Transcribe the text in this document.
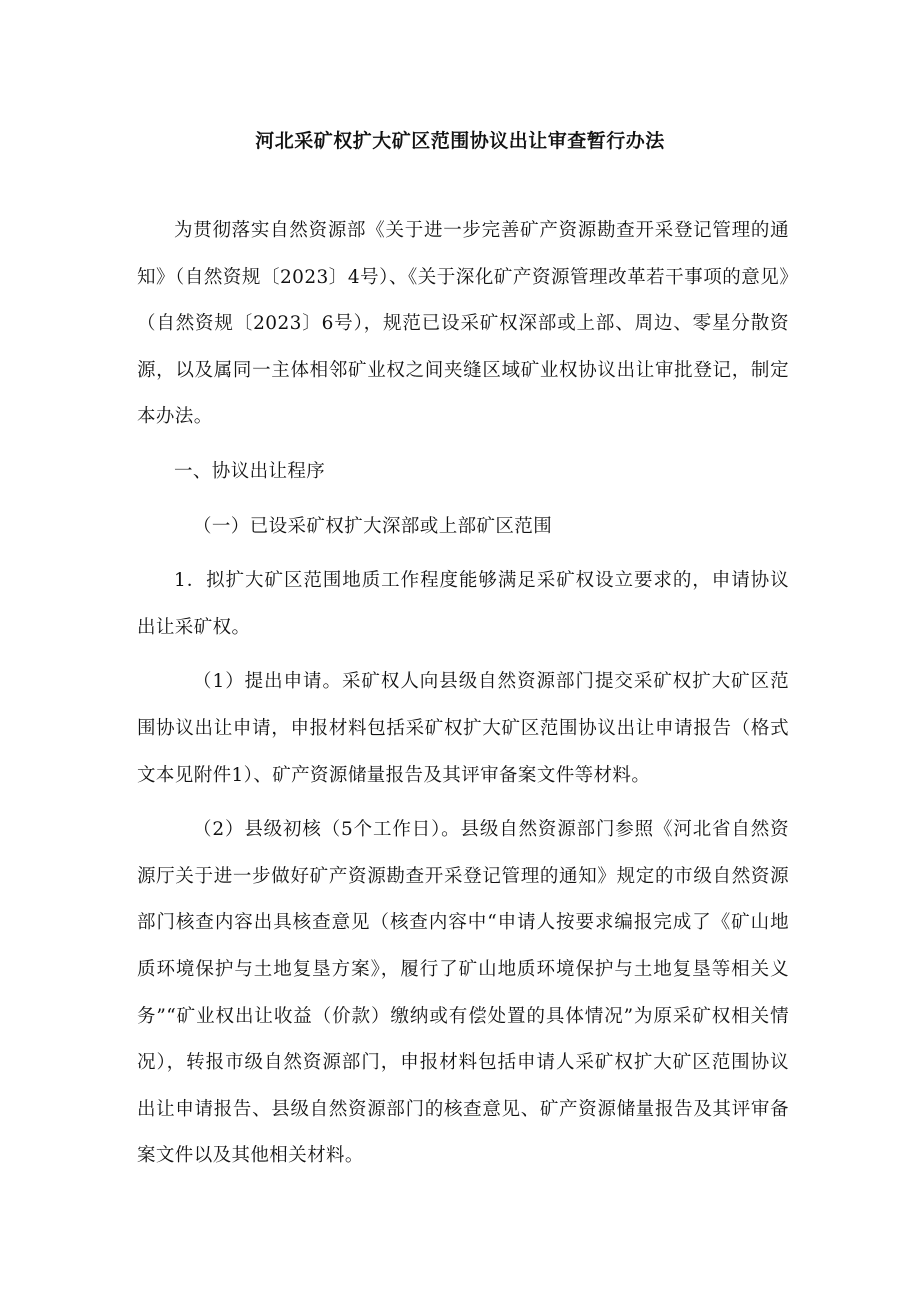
河北采矿权扩大矿区范围协议出让审查暂行办法

为贯彻落实自然资源部《关于进一步完善矿产资源勘查开采登记管理的通知》（自然资规〔2023〕4号）、《关于深化矿产资源管理改革若干事项的意见》（自然资规〔2023〕6号），规范已设采矿权深部或上部、周边、零星分散资源，以及属同一主体相邻矿业权之间夹缝区域矿业权协议出让审批登记，制定本办法。

一、协议出让程序

（一）已设采矿权扩大深部或上部矿区范围

1．拟扩大矿区范围地质工作程度能够满足采矿权设立要求的，申请协议出让采矿权。

（1）提出申请。采矿权人向县级自然资源部门提交采矿权扩大矿区范围协议出让申请，申报材料包括采矿权扩大矿区范围协议出让申请报告（格式文本见附件1）、矿产资源储量报告及其评审备案文件等材料。

（2）县级初核（5个工作日）。县级自然资源部门参照《河北省自然资源厅关于进一步做好矿产资源勘查开采登记管理的通知》规定的市级自然资源部门核查内容出具核查意见（核查内容中“申请人按要求编报完成了《矿山地质环境保护与土地复垦方案》，履行了矿山地质环境保护与土地复垦等相关义务”“矿业权出让收益（价款）缴纳或有偿处置的具体情况”为原采矿权相关情况），转报市级自然资源部门，申报材料包括申请人采矿权扩大矿区范围协议出让申请报告、县级自然资源部门的核查意见、矿产资源储量报告及其评审备案文件以及其他相关材料。
